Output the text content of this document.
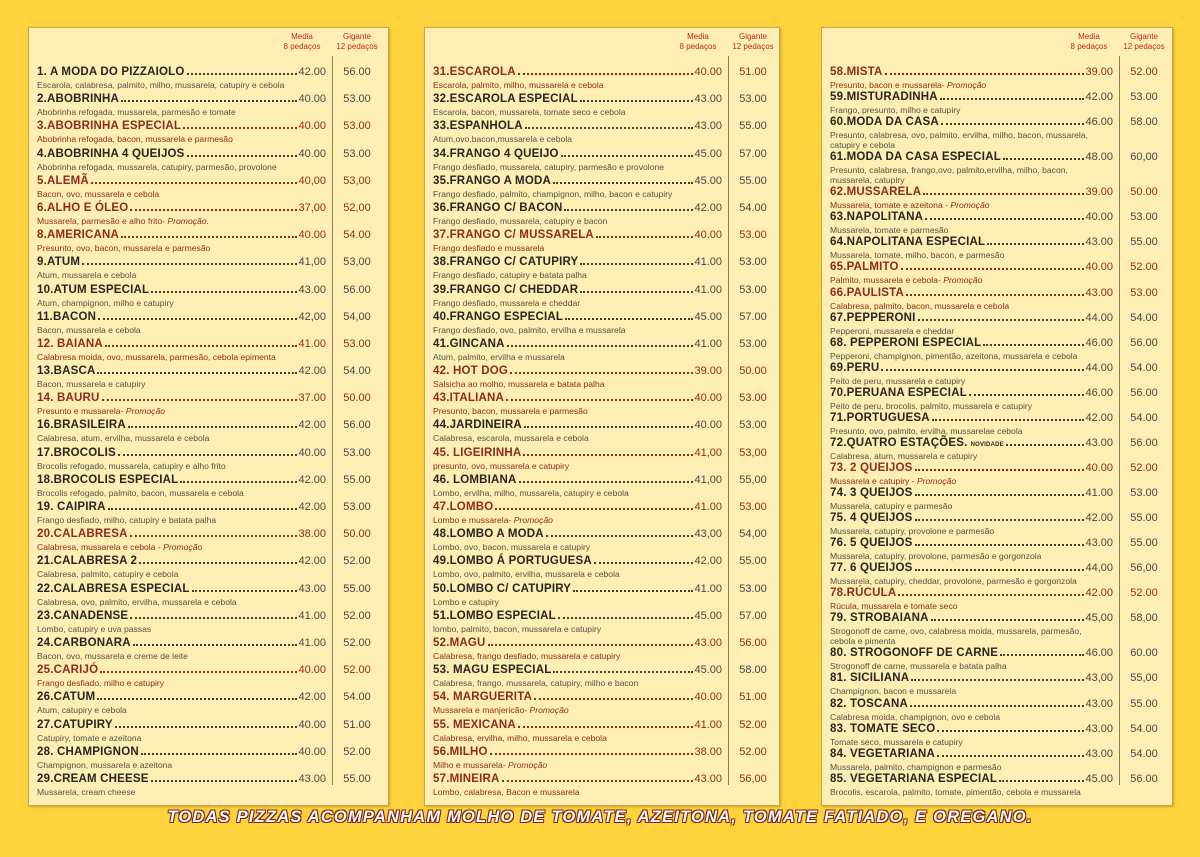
Media
8 pedaços
Gigante
12 pedaços
1. A MODA DO PIZZAIOLO	42.00	56.00
Escarola, calabresa, palmito, milho, mussarela, catupiry e cebola
2.ABOBRINHA	40.00	53.00
Abobrinha refogada, mussarela, parmesão e tomate
3.ABOBRINHA ESPECIAL	40.00	53.00
Abobrinha refogada, bacon, mussarela e parmesão
4.ABOBRINHA 4 QUEIJOS	40.00	53.00
Abobrinha refogada, mussarela, catupiry, parmesão, provolone
5.ALEMÃ	40,00	53,00
Bacon, ovo, mussarela e cebola
6.ALHO E ÓLEO	37,00	52,00
Mussarela, parmesão e alho frito- Promoção.
8.AMERICANA	40.00	54.00
Presunto, ovo, bacon, mussarela e parmesão
9.ATUM	41,00	53,00
Atum, mussarela e cebola
10.ATUM ESPECIAL	43.00	56.00
Atum, champignon, milho e catupiry
11.BACON	42,00	54,00
Bacon, mussarela e cebola
12. BAIANA	41.00	53.00
Calabresa moida, ovo, mussarela, parmesão, cebola epimenta
13.BASCA	42.00	54.00
Bacon, mussarela e catupiry
14. BAURU	37.00	50.00
Presunto e mussarela- Promoção
16.BRASILEIRA	42.00	56.00
Calabresa, atum, ervilha, mussarela e cebola
17.BROCOLIS	40.00	53.00
Brocolis refogado, mussarela, catupiry e alho frito
18.BROCOLIS ESPECIAL	42.00	55.00
Brocolis refogado, palmito, bacon, mussarela e cebola
19. CAIPIRA	42.00	53.00
Frango desfiado, milho, catupiry e batata palha
20.CALABRESA	38.00	50.00
Calabresa, mussarela e cebola - Promoção
21.CALABRESA 2	42.00	52.00
Calabresa, palmito, catupiry e cebola
22.CALABRESA ESPECIAL	43.00	55.00
Calabresa, ovo, palmito, ervilha, mussarela e cebola
23.CANADENSE	41.00	52.00
Lombo, catupiry e uva passas
24.CARBONARA	41.00	52.00
Bacon, ovo, mussarela e creme de leite
25.CARIJÓ	40.00	52.00
Frango desfiado, milho e catupiry
26.CATUM	42.00	54.00
Atum, catupiry e cebola
27.CATUPIRY	40.00	51.00
Catupiry, tomate e azeitona
28. CHAMPIGNON	40.00	52.00
Champignon, mussarela e azeitona
29.CREAM CHEESE	43.00	55.00
Mussarela, cream cheese
Media
8 pedaços
Gigante
12 pedaços
31.ESCAROLA	40.00	51.00
Escarola, palmito, milho, mussarela e cebola
32.ESCAROLA ESPECIAL	43.00	53.00
Escarola, bacon, mussarela, tomate seco e cebola
33.ESPANHOLA	43.00	55.00
Atum,ovo,bacon,mussarela e cebola
34.FRANGO 4 QUEIJO	45.00	57.00
Frango desfiado, mussarela, catupiry, parmesão e provolone
35.FRANGO A MODA	45.00	55.00
Frango desfiado, palmito, champignon, milho, bacon e catupiry
36.FRANGO C/ BACON	42.00	54.00
Frango desfiado, mussarela, catupiry e bacon
37.FRANGO C/ MUSSARELA	40.00	53.00
Frango desfiado e mussarela
38.FRANGO C/ CATUPIRY	41.00	53.00
Frango desfiado, catupiry e batata palha
39.FRANGO C/ CHEDDAR	41.00	53.00
Frango desfiado, mussarela e cheddar
40.FRANGO ESPECIAL	45.00	57.00
Frango desfiado, ovo, palmito, ervilha e mussarela
41.GINCANA	41.00	53.00
Atum, palmito, ervilha e mussarela
42. HOT DOG	39.00	50.00
Salsicha ao molho, mussarela e batata palha
43.ITALIANA	40.00	53.00
Presunto, bacon, mussarela e parmesão
44.JARDINEIRA	40.00	53.00
Calabresa, escarola, mussarela e cebola
45. LIGEIRINHA	41,00	53,00
presunto, ovo, mussarela e catupiry
46. LOMBIANA	41,00	55,00
Lombo, ervilha, milho, mussarela, catupiry e cebola
47.LOMBO	41.00	53.00
Lombo e mussarela- Promoção
48.LOMBO A MODA	43,00	54,00
Lombo, ovo, bacon, mussarela e catupiry
49.LOMBO Á PORTUGUESA	42.00	55.00
Lombo, ovo, palmito, ervilha, mussarela e cebola
50.LOMBO C/ CATUPIRY	41.00	53.00
Lombo e catupiry
51.LOMBO ESPECIAL	45.00	57.00
lombo, palmito, bacon, mussarela e catupiry
52.MAGU	43.00	56.00
Calabresa, frango desfiado, mussarela e catupiry
53. MAGU ESPECIAL	45.00	58.00
Calabresa, frango, mussarela, catupiry, milho e bacon
54. MARGUERITA	40.00	51.00
Mussarela e manjericão- Promoção
55. MEXICANA	41.00	52.00
Calabresa, ervilha, milho, mussarela e cebola
56.MILHO	38.00	52.00
Milho e mussarela- Promoção
57.MINEIRA	43.00	56,00
Lombo, calabresa, Bacon e mussarela
Media
8 pedaços
Gigante
12 pedaços
58.MISTA	39.00	52.00
Presunto, bacon e mussarela- Promoção
59.MISTURADINHA	42.00	53.00
Frango, presunto, milho e catupiry
60.MODA DA CASA	46.00	58.00
Presunto, calabresa, ovo, palmito, ervilha, milho, bacon, mussarela, catupiry e cebola
61.MODA DA CASA ESPECIAL	48.00	60,00
Presunto, calabresa, frango,ovo, palmito,ervilha, milho, bacon, mussarela, catupiry
62.MUSSARELA	39.00	50.00
Mussarela, tomate e azeitona - Promoção
63.NAPOLITANA	40.00	53.00
Mussarela, tomate e parmesão
64.NAPOLITANA ESPECIAL	43.00	55.00
Mussarela, tomate, milho, bacon, e parmesão
65.PALMITO	40.00	52.00
Palmito, mussarela e cebola- Promoção
66.PAULISTA	43.00	53.00
Calabresa, palmito, bacon, mussarela e cebola
67.PEPPERONI	44.00	54.00
Pepperoni, mussarela e cheddar
68. PEPPERONI ESPECIAL	46.00	56.00
Pepperoni, champignon, pimentão, azeitona, mussarela e cebola
69.PERU	44.00	54.00
Peito de peru, mussarela e catupiry
70.PERUANA ESPECIAL	46.00	56.00
Peito de peru, brocolis, palmito, mussarela e catupiry
71.PORTUGUESA	42.00	54.00
Presunto, ovo, palmito, ervilha, mussarelae cebola
72.QUATRO ESTAÇÕES. NOVIDADE	43.00	56.00
Calabresa, atum, mussarela e catupiry
73. 2 QUEIJOS	40.00	52.00
Mussarela e catupiry - Promoção
74. 3 QUEIJOS	41.00	53.00
Mussarela, catupiry e parmesão
75. 4 QUEIJOS	42.00	55.00
Mussarela, catupiry, provolone e parmesão
76. 5 QUEIJOS	43.00	55.00
Mussarela, catupiry, provolone, parmesão e gorgonzola
77. 6 QUEIJOS	44,00	56,00
Mussarela, catupiry, cheddar, provolone, parmesão e gorgonzola
78.RÚCULA	42.00	52.00
Rúcula, mussarela e tomate seco
79. STROBAIANA	45,00	58,00
Strogonoff de carne, ovo, calabresa moida, mussarela, parmesão, cebola e pimenta
80. STROGONOFF DE CARNE	46.00	60.00
Strogonoff de carne, mussarela e batata palha
81. SICILIANA	43,00	55,00
Champignon, bacon e mussarela
82. TOSCANA	43.00	55.00
Calabresa moida, champignon, ovo e cebola
83. TOMATE SECO	43.00	54.00
Tomate seco, mussarela e catupiry
84. VEGETARIANA	43.00	54.00
Mussarela, palmito, champignon e parmesão
85. VEGETARIANA ESPECIAL	45.00	56.00
Brocolis, escarola, palmito, tomate, pimentão, cebola e mussarela
TODAS PIZZAS ACOMPANHAM MOLHO DE TOMATE, AZEITONA, TOMATE FATIADO, E OREGANO.
